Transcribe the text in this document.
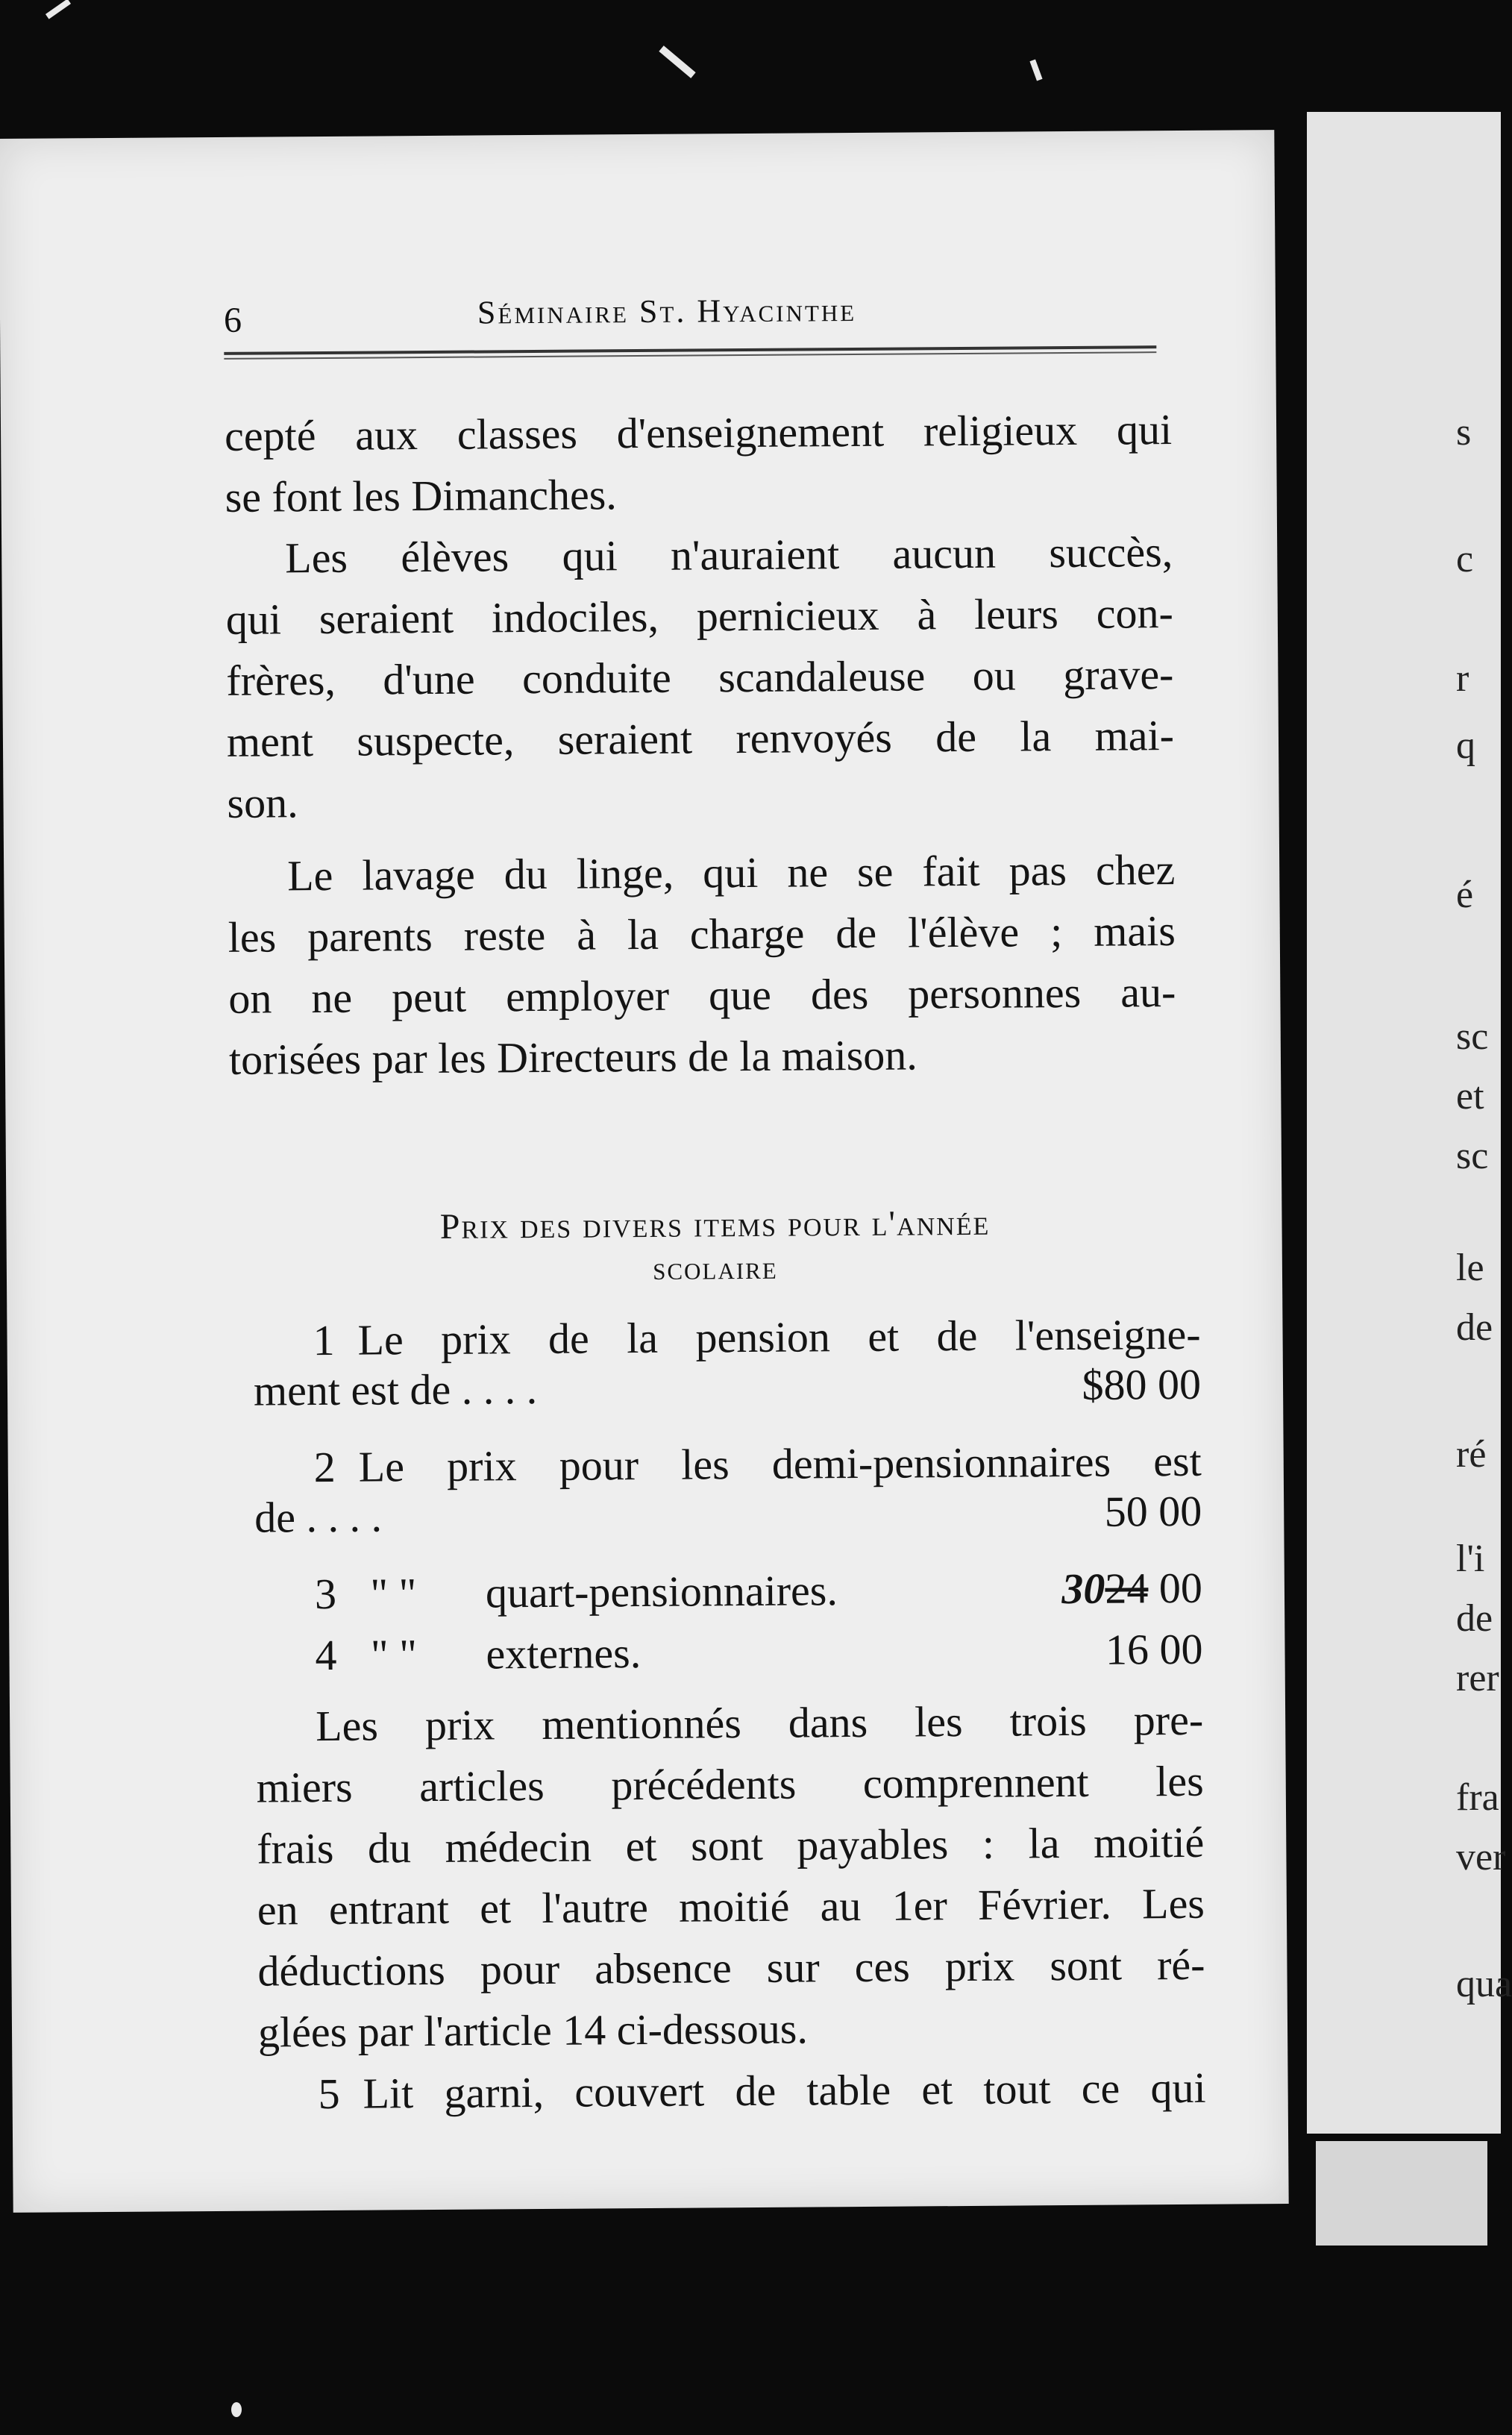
s
c
r
q
é
sc
et
sc
le
de
ré
l'i
de
rer
fra
ver
qua
6	Séminaire St. Hyacinthe
cepté aux classes d'enseignement religieux qui
se font les Dimanches.
Les élèves qui n'auraient aucun succès,
qui seraient indociles, pernicieux à leurs con-
frères, d'une conduite scandaleuse ou grave-
ment suspecte, seraient renvoyés de la mai-
son.
Le lavage du linge, qui ne se fait pas chez
les parents reste à la charge de l'élève ; mais
on ne peut employer que des personnes au-
torisées par les Directeurs de la maison.
Prix des divers items pour l'année
scolaire
1 Le prix de la pension et de l'enseigne-
ment est de . . . .	$80 00
2 Le prix pour les demi-pensionnaires est
de . . . .	50 00
3 " " quart-pensionnaires.	3024 00
4 " " externes.	16 00
Les prix mentionnés dans les trois pre-
miers articles précédents comprennent les
frais du médecin et sont payables : la moitié
en entrant et l'autre moitié au 1er Février. Les
déductions pour absence sur ces prix sont ré-
glées par l'article 14 ci-dessous.
5 Lit garni, couvert de table et tout ce qui
